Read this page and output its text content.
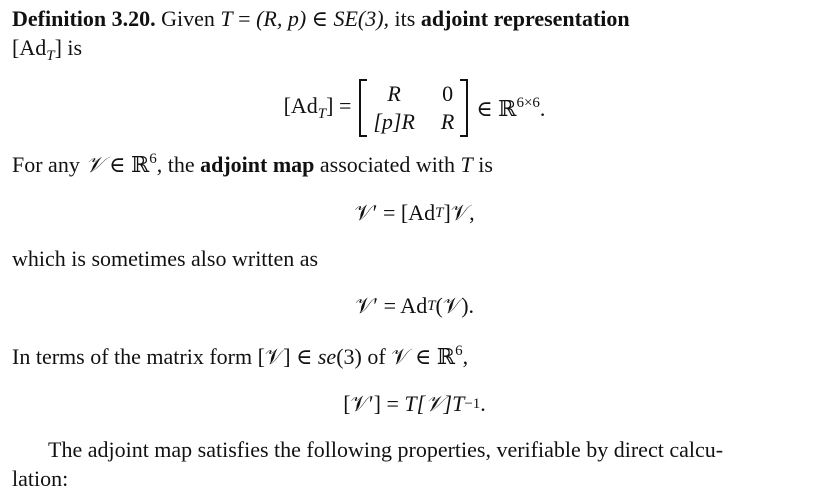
Definition 3.20. Given T = (R, p) ∈ SE(3), its adjoint representation
$[Ad_T]$ is
$[Ad_T]$ =	R	0
[p]R R
∈ ℝ$^{6\times 6}$.
For any 𝒱 ∈ ℝ$^6$, the adjoint map associated with T is
𝒱′ = [Ad T ]𝒱,
which is sometimes also written as
𝒱′ = Ad T (𝒱).
In terms of the matrix form [𝒱] ∈ se(3) of 𝒱 ∈ ℝ$^6$,
[𝒱′] =
T[𝒱]T −1 .
The adjoint map satisfies the following properties, verifiable by direct calcu-
lation:
